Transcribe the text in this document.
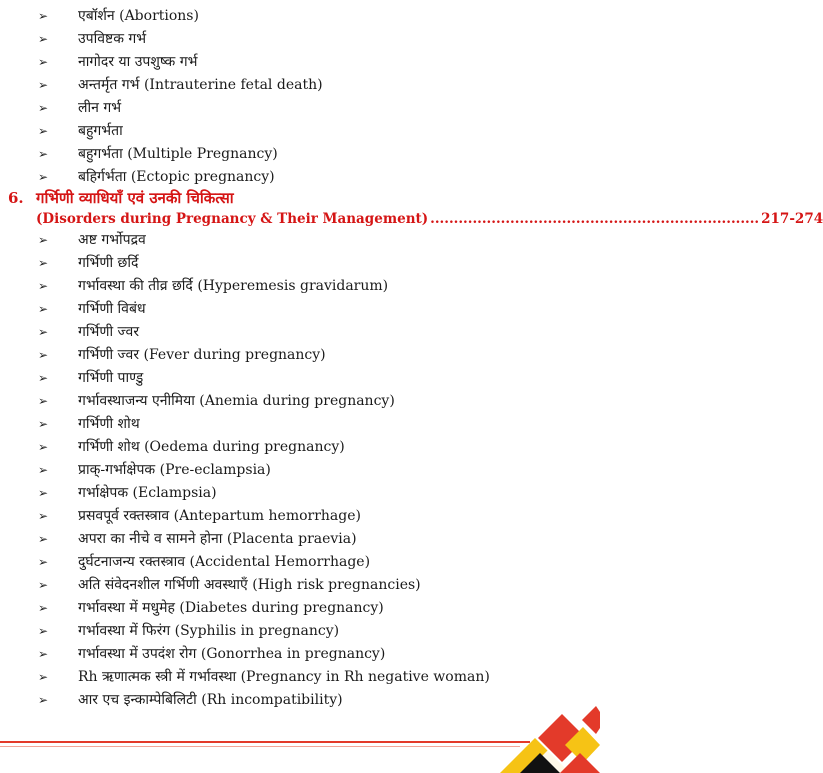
➢	एबॉर्शन (Abortions)
➢	उपविष्टक गर्भ
➢	नागोदर या उपशुष्क गर्भ
➢	अन्तर्मृत गर्भ (Intrauterine fetal death)
➢	लीन गर्भ
➢	बहुगर्भता
➢	बहुगर्भता (Multiple Pregnancy)
➢	बहिर्गर्भता (Ectopic pregnancy)
6. गर्भिणी व्याधियाँ एवं उनकी चिकित्सा
(Disorders during Pregnancy & Their Management) ...................................................................... 217-274
➢	अष्ट गर्भोपद्रव
➢	गर्भिणी छर्दि
➢	गर्भावस्था की तीव्र छर्दि (Hyperemesis gravidarum)
➢	गर्भिणी विबंध
➢	गर्भिणी ज्वर
➢	गर्भिणी ज्वर (Fever during pregnancy)
➢	गर्भिणी पाण्डु
➢	गर्भावस्थाजन्य एनीमिया (Anemia during pregnancy)
➢	गर्भिणी शोथ
➢	गर्भिणी शोथ (Oedema during pregnancy)
➢	प्राक्-गर्भाक्षेपक (Pre-eclampsia)
➢	गर्भाक्षेपक (Eclampsia)
➢	प्रसवपूर्व रक्तस्त्राव (Antepartum hemorrhage)
➢	अपरा का नीचे व सामने होना (Placenta praevia)
➢	दुर्घटनाजन्य रक्तस्त्राव (Accidental Hemorrhage)
➢	अति संवेदनशील गर्भिणी अवस्थाएँ (High risk pregnancies)
➢	गर्भावस्था में मधुमेह (Diabetes during pregnancy)
➢	गर्भावस्था में फिरंग (Syphilis in pregnancy)
➢	गर्भावस्था में उपदंश रोग (Gonorrhea in pregnancy)
➢	Rh ऋणात्मक स्त्री में गर्भावस्था (Pregnancy in Rh negative woman)
➢	आर एच इन्काम्पेबिलिटी (Rh incompatibility)
